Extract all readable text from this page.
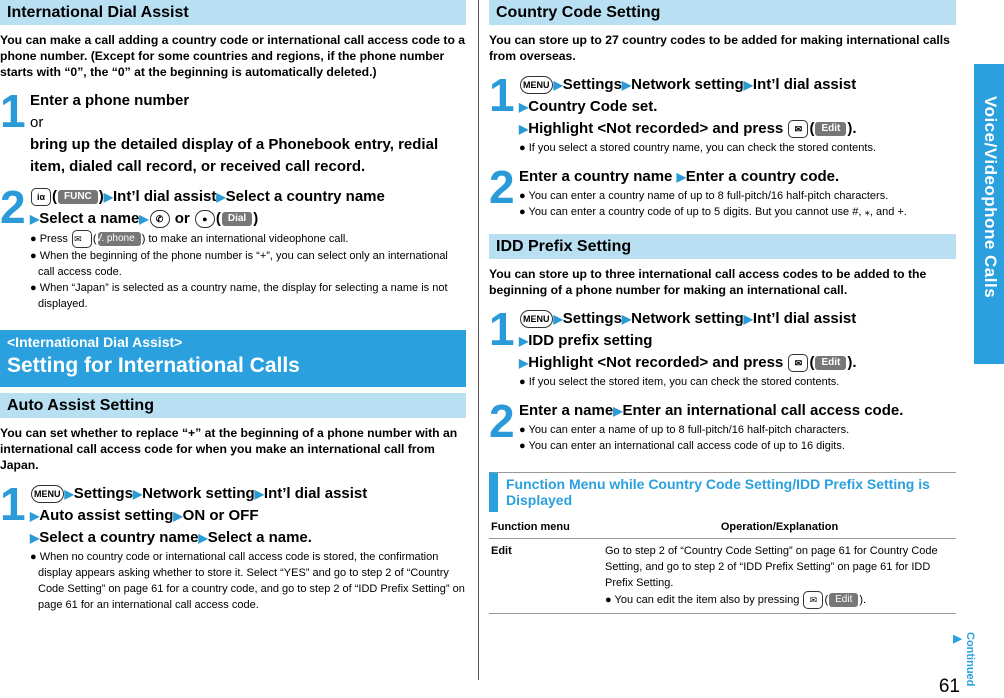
International Dial Assist
You can make a call adding a country code or international call access code to a phone number. (Except for some countries and regions, if the phone number starts with “0”, the “0” at the beginning is automatically deleted.)
1 Enter a phone number
or
bring up the detailed display of a Phonebook entry, redial item, dialed call record, or received call record.
2	iα ( FUNC )▶Int’l dial assist▶Select a country name
▶Select a name▶ ✆ or ● ( Dial )
● Press ✉ (V. phone ) to make an international videophone call.
● When the beginning of the phone number is “+”, you can select only an international call access code.
● When “Japan” is selected as a country name, the display for selecting a name is not displayed.
<International Dial Assist>
Setting for International Calls
Auto Assist Setting
You can set whether to replace “+” at the beginning of a phone number with an international call access code for when you make an international call from Japan.
1 MENU ▶Settings▶Network setting▶Int’l dial assist
▶Auto assist setting▶ON or OFF
▶Select a country name▶Select a name.
● When no country code or international call access code is stored, the confirmation display appears asking whether to store it. Select “YES” and go to step 2 of “Country Code Setting” on page 61 for a country code, and go to step 2 of “IDD Prefix Setting” on page 61 for an international call access code.
Country Code Setting
You can store up to 27 country codes to be added for making international calls from overseas.
1 MENU ▶Settings▶Network setting▶Int’l dial assist
▶Country Code set.
▶Highlight <Not recorded> and press ✉ ( Edit ).
● If you select a stored country name, you can check the stored contents.
2 Enter a country name ▶Enter a country code.
● You can enter a country name of up to 8 full-pitch/16 half-pitch characters.
● You can enter a country code of up to 5 digits. But you cannot use #, ⁎, and +.
IDD Prefix Setting
You can store up to three international call access codes to be added to the beginning of a phone number for making an international call.
1 MENU ▶Settings▶Network setting▶Int’l dial assist
▶IDD prefix setting
▶Highlight <Not recorded> and press ✉ ( Edit ).
● If you select the stored item, you can check the stored contents.
2 Enter a name▶Enter an international call access code.
● You can enter a name of up to 8 full-pitch/16 half-pitch characters.
● You can enter an international call access code of up to 16 digits.
Function Menu while Country Code Setting/IDD Prefix Setting is Displayed
Function menu	Operation/Explanation
Edit	Go to step 2 of “Country Code Setting” on page 61 for Country Code Setting, and go to step 2 of “IDD Prefix Setting” on page 61 for IDD Prefix Setting.
● You can edit the item also by pressing ✉ ( Edit ).
Voice/Videophone Calls
Continued ▶
61
